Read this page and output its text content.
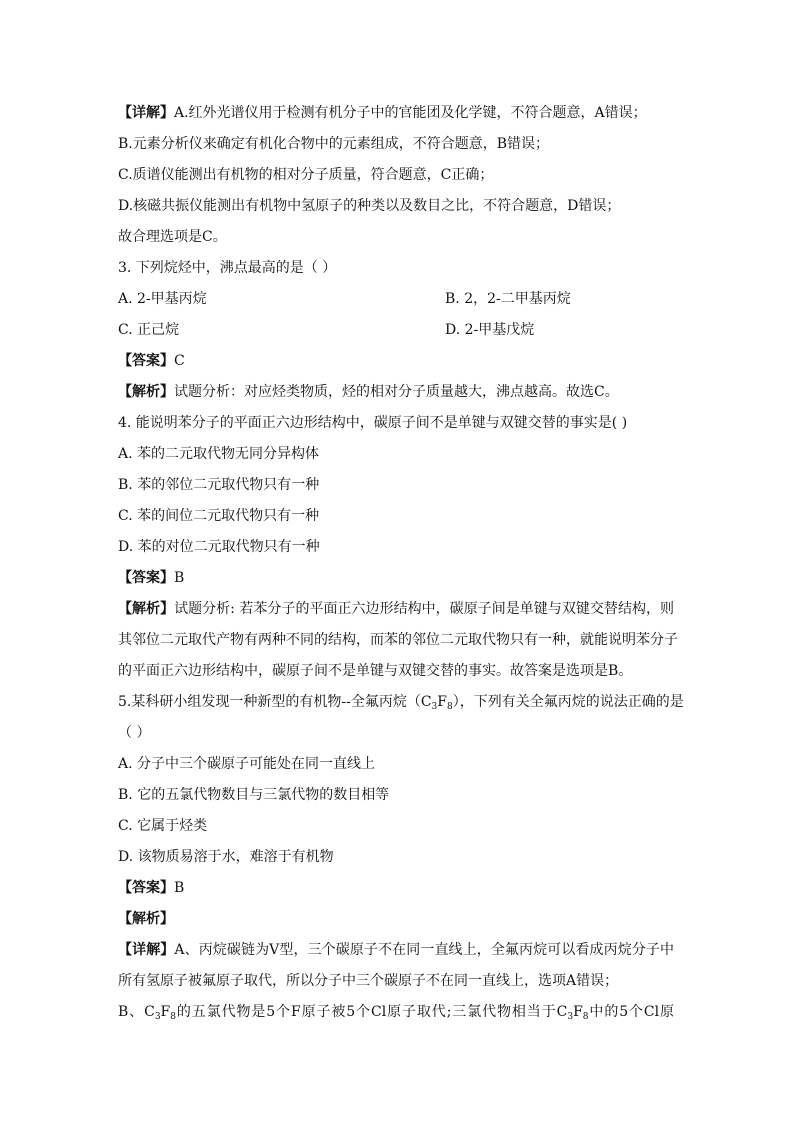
【详解】A.红外光谱仪用于检测有机分子中的官能团及化学键，不符合题意，A错误；
B.元素分析仪来确定有机化合物中的元素组成，不符合题意，B错误；
C.质谱仪能测出有机物的相对分子质量，符合题意，C正确；
D.核磁共振仪能测出有机物中氢原子的种类以及数目之比，不符合题意，D错误；
故合理选项是C。
3. 下列烷烃中，沸点最高的是（ ）
A. 2-甲基丙烷	B. 2，2-二甲基丙烷
C. 正己烷	D. 2-甲基戊烷
【答案】C
【解析】试题分析：对应烃类物质，烃的相对分子质量越大，沸点越高。故选C。
4. 能说明苯分子的平面正六边形结构中，碳原子间不是单键与双键交替的事实是( )
A. 苯的二元取代物无同分异构体
B. 苯的邻位二元取代物只有一种
C. 苯的间位二元取代物只有一种
D. 苯的对位二元取代物只有一种
【答案】B
【解析】试题分析: 若苯分子的平面正六边形结构中，碳原子间是单键与双键交替结构，则
其邻位二元取代产物有两种不同的结构，而苯的邻位二元取代物只有一种，就能说明苯分子
的平面正六边形结构中，碳原子间不是单键与双键交替的事实。故答案是选项是B。
5.某科研小组发现一种新型的有机物--全氟丙烷$(C_3F_8)$，下列有关全氟丙烷的说法正确的是
（ ）
A. 分子中三个碳原子可能处在同一直线上
B. 它的五氯代物数目与三氯代物的数目相等
C. 它属于烃类
D. 该物质易溶于水，难溶于有机物
【答案】B
【解析】
【详解】A、丙烷碳链为V型，三个碳原子不在同一直线上，全氟丙烷可以看成丙烷分子中
所有氢原子被氟原子取代，所以分子中三个碳原子不在同一直线上，选项A错误；
B、$C_3F_8$的五氯代物是5个F原子被5个Cl原子取代;三氯代物相当于$C_3F_8$中的5个Cl原
